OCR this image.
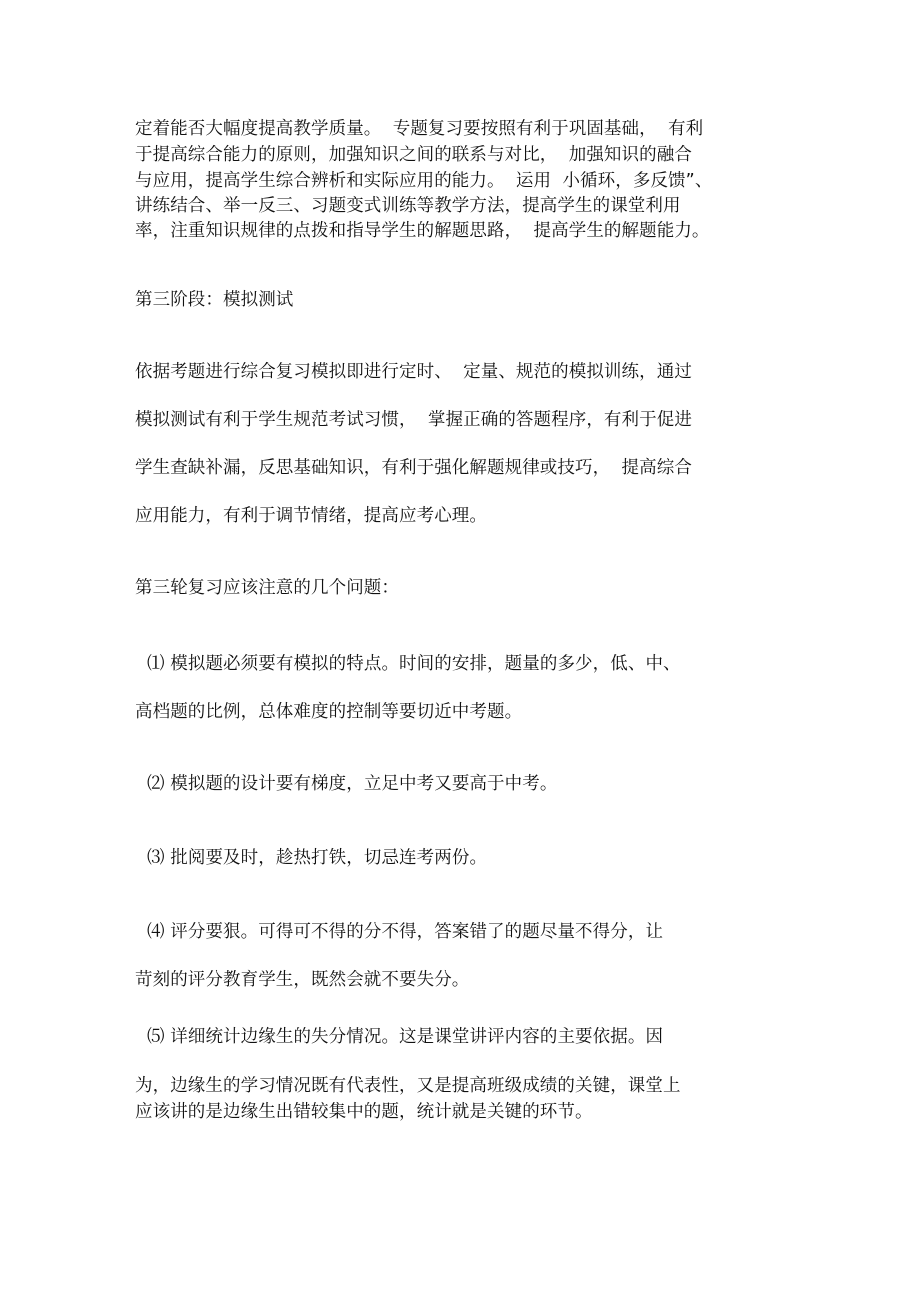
定着能否大幅度提高教学质量。  专题复习要按照有利于巩固基础，  有利
于提高综合能力的原则，加强知识之间的联系与对比，  加强知识的融合
与应用，提高学生综合辨析和实际应用的能力。  运用  小循环，多反馈”、
讲练结合、举一反三、习题变式训练等教学方法，提高学生的课堂利用
率，注重知识规律的点拨和指导学生的解题思路，  提高学生的解题能力。
第三阶段：模拟测试
依据考题进行综合复习模拟即进行定时、  定量、规范的模拟训练，通过
模拟测试有利于学生规范考试习惯，  掌握正确的答题程序，有利于促进
学生查缺补漏，反思基础知识，有利于强化解题规律或技巧，  提高综合
应用能力，有利于调节情绪，提高应考心理。
第三轮复习应该注意的几个问题：
⑴ 模拟题必须要有模拟的特点。时间的安排，题量的多少，低、中、
高档题的比例，总体难度的控制等要切近中考题。
⑵ 模拟题的设计要有梯度，立足中考又要高于中考。
⑶ 批阅要及时，趁热打铁，切忌连考两份。
⑷ 评分要狠。可得可不得的分不得，答案错了的题尽量不得分，让
苛刻的评分教育学生，既然会就不要失分。
⑸ 详细统计边缘生的失分情况。这是课堂讲评内容的主要依据。因
为，边缘生的学习情况既有代表性，又是提高班级成绩的关键，课堂上
应该讲的是边缘生出错较集中的题，统计就是关键的环节。
